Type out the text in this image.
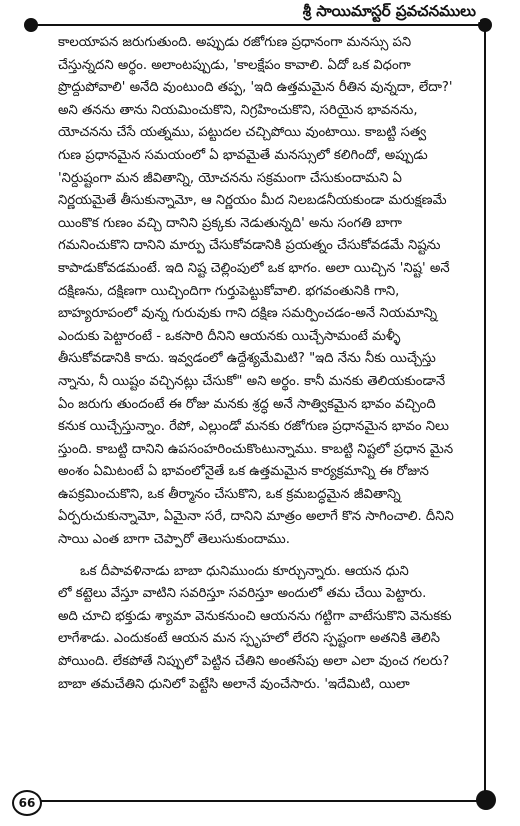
శ్రీ సాయిమాస్టర్ ప్రవచనములు

కాలయాపన జరుగుతుంది. అప్పుడు రజోగుణ ప్రధానంగా మనస్సు పని
చేస్తున్నదని అర్థం. అలాంటప్పుడు, 'కాలక్షేపం కావాలి. ఏదో ఒక విధంగా
ప్రొద్దుపోవాలి' అనేది వుంటుంది తప్ప, 'ఇది ఉత్తమమైన రీతిన వున్నదా, లేదా?'
అని తనను తాను నియమించుకొని, నిగ్రహించుకొని, సరియైన భావనను,
యోచనను చేసే యత్నము, పట్టుదల చచ్చిపోయి వుంటాయి. కాబట్టి సత్వ
గుణ ప్రధానమైన సమయంలో ఏ భావమైతే మనస్సులో కలిగిందో, అప్పుడు
'నిర్దుష్టంగా మన జీవితాన్ని, యోచనను సక్రమంగా చేసుకుందామని ఏ
నిర్ణయమైతే తీసుకున్నామో, ఆ నిర్ణయం మీద నిలబడనీయకుండా మరుక్షణమే
యింకొక గుణం వచ్చి దానిని ప్రక్కకు నెడుతున్నది' అను సంగతి బాగా
గమనించుకొని దానిని మార్పు చేసుకోవడానికి ప్రయత్నం చేసుకోవడమే నిష్టను
కాపాడుకోవడమంటే. ఇది నిష్ట చెల్లింపులో ఒక భాగం. అలా యిచ్చిన 'నిష్ట' అనే
దక్షిణను, దక్షిణగా యిచ్చిందిగా గుర్తుపెట్టుకోవాలి. భగవంతునికి గాని,
బాహ్యరూపంలో వున్న గురువుకు గాని దక్షిణ సమర్పించడం-అనే నియమాన్ని
ఎందుకు పెట్టారంటే - ఒకసారి దీనిని ఆయనకు యిచ్చేసామంటే మళ్ళీ
తీసుకోవడానికి కాదు. ఇవ్వడంలో ఉద్దేశ్యమేమిటి? "ఇది నేను నీకు యిచ్చేస్తు
న్నాను, నీ యిష్టం వచ్చినట్లు చేసుకో" అని అర్థం. కానీ మనకు తెలియకుండానే
ఏం జరుగు తుందంటే ఈ రోజు మనకు శ్రద్ధ అనే సాత్వికమైన భావం వచ్చింది
కనుక యిచ్చేస్తున్నాం. రేపో, ఎల్లుండో మనకు రజోగుణ ప్రధానమైన భావం నిలు
స్తుంది. కాబట్టి దానిని ఉపసంహరించుకొంటున్నాము. కాబట్టి నిష్టలో ప్రధాన మైన
అంశం ఏమిటంటే ఏ భావంలోనైతే ఒక ఉత్తమమైన కార్యక్రమాన్ని ఈ రోజున
ఉపక్రమించుకొని, ఒక తీర్మానం చేసుకొని, ఒక క్రమబద్ధమైన జీవితాన్ని
ఏర్పరుచుకున్నామో, ఏమైనా సరే, దానిని మాత్రం అలాగే కొన సాగించాలి. దీనిని
సాయి ఎంత బాగా చెప్పారో తెలుసుకుందాము.

ఒక దీపావళినాడు బాబా ధునిముందు కూర్చున్నారు. ఆయన ధుని
లో కట్టెలు వేస్తూ వాటిని సవరిస్తూ సవరిస్తూ అందులో తమ చేయి పెట్టారు.
అది చూచి భక్తుడు శ్యామా వెనుకనుంచి ఆయనను గట్టిగా వాటేసుకొని వెనుకకు
లాగేశాడు. ఎందుకంటే ఆయన మన స్పృహలో లేరని స్పష్టంగా అతనికి తెలిసి
పోయింది. లేకపోతే నిప్పులో పెట్టిన చేతిని అంతసేపు అలా ఎలా వుంచ గలరు?
బాబా తమచేతిని ధునిలో పెట్టేసి అలానే వుంచేసారు. 'ఇదేమిటి, యిలా

66
